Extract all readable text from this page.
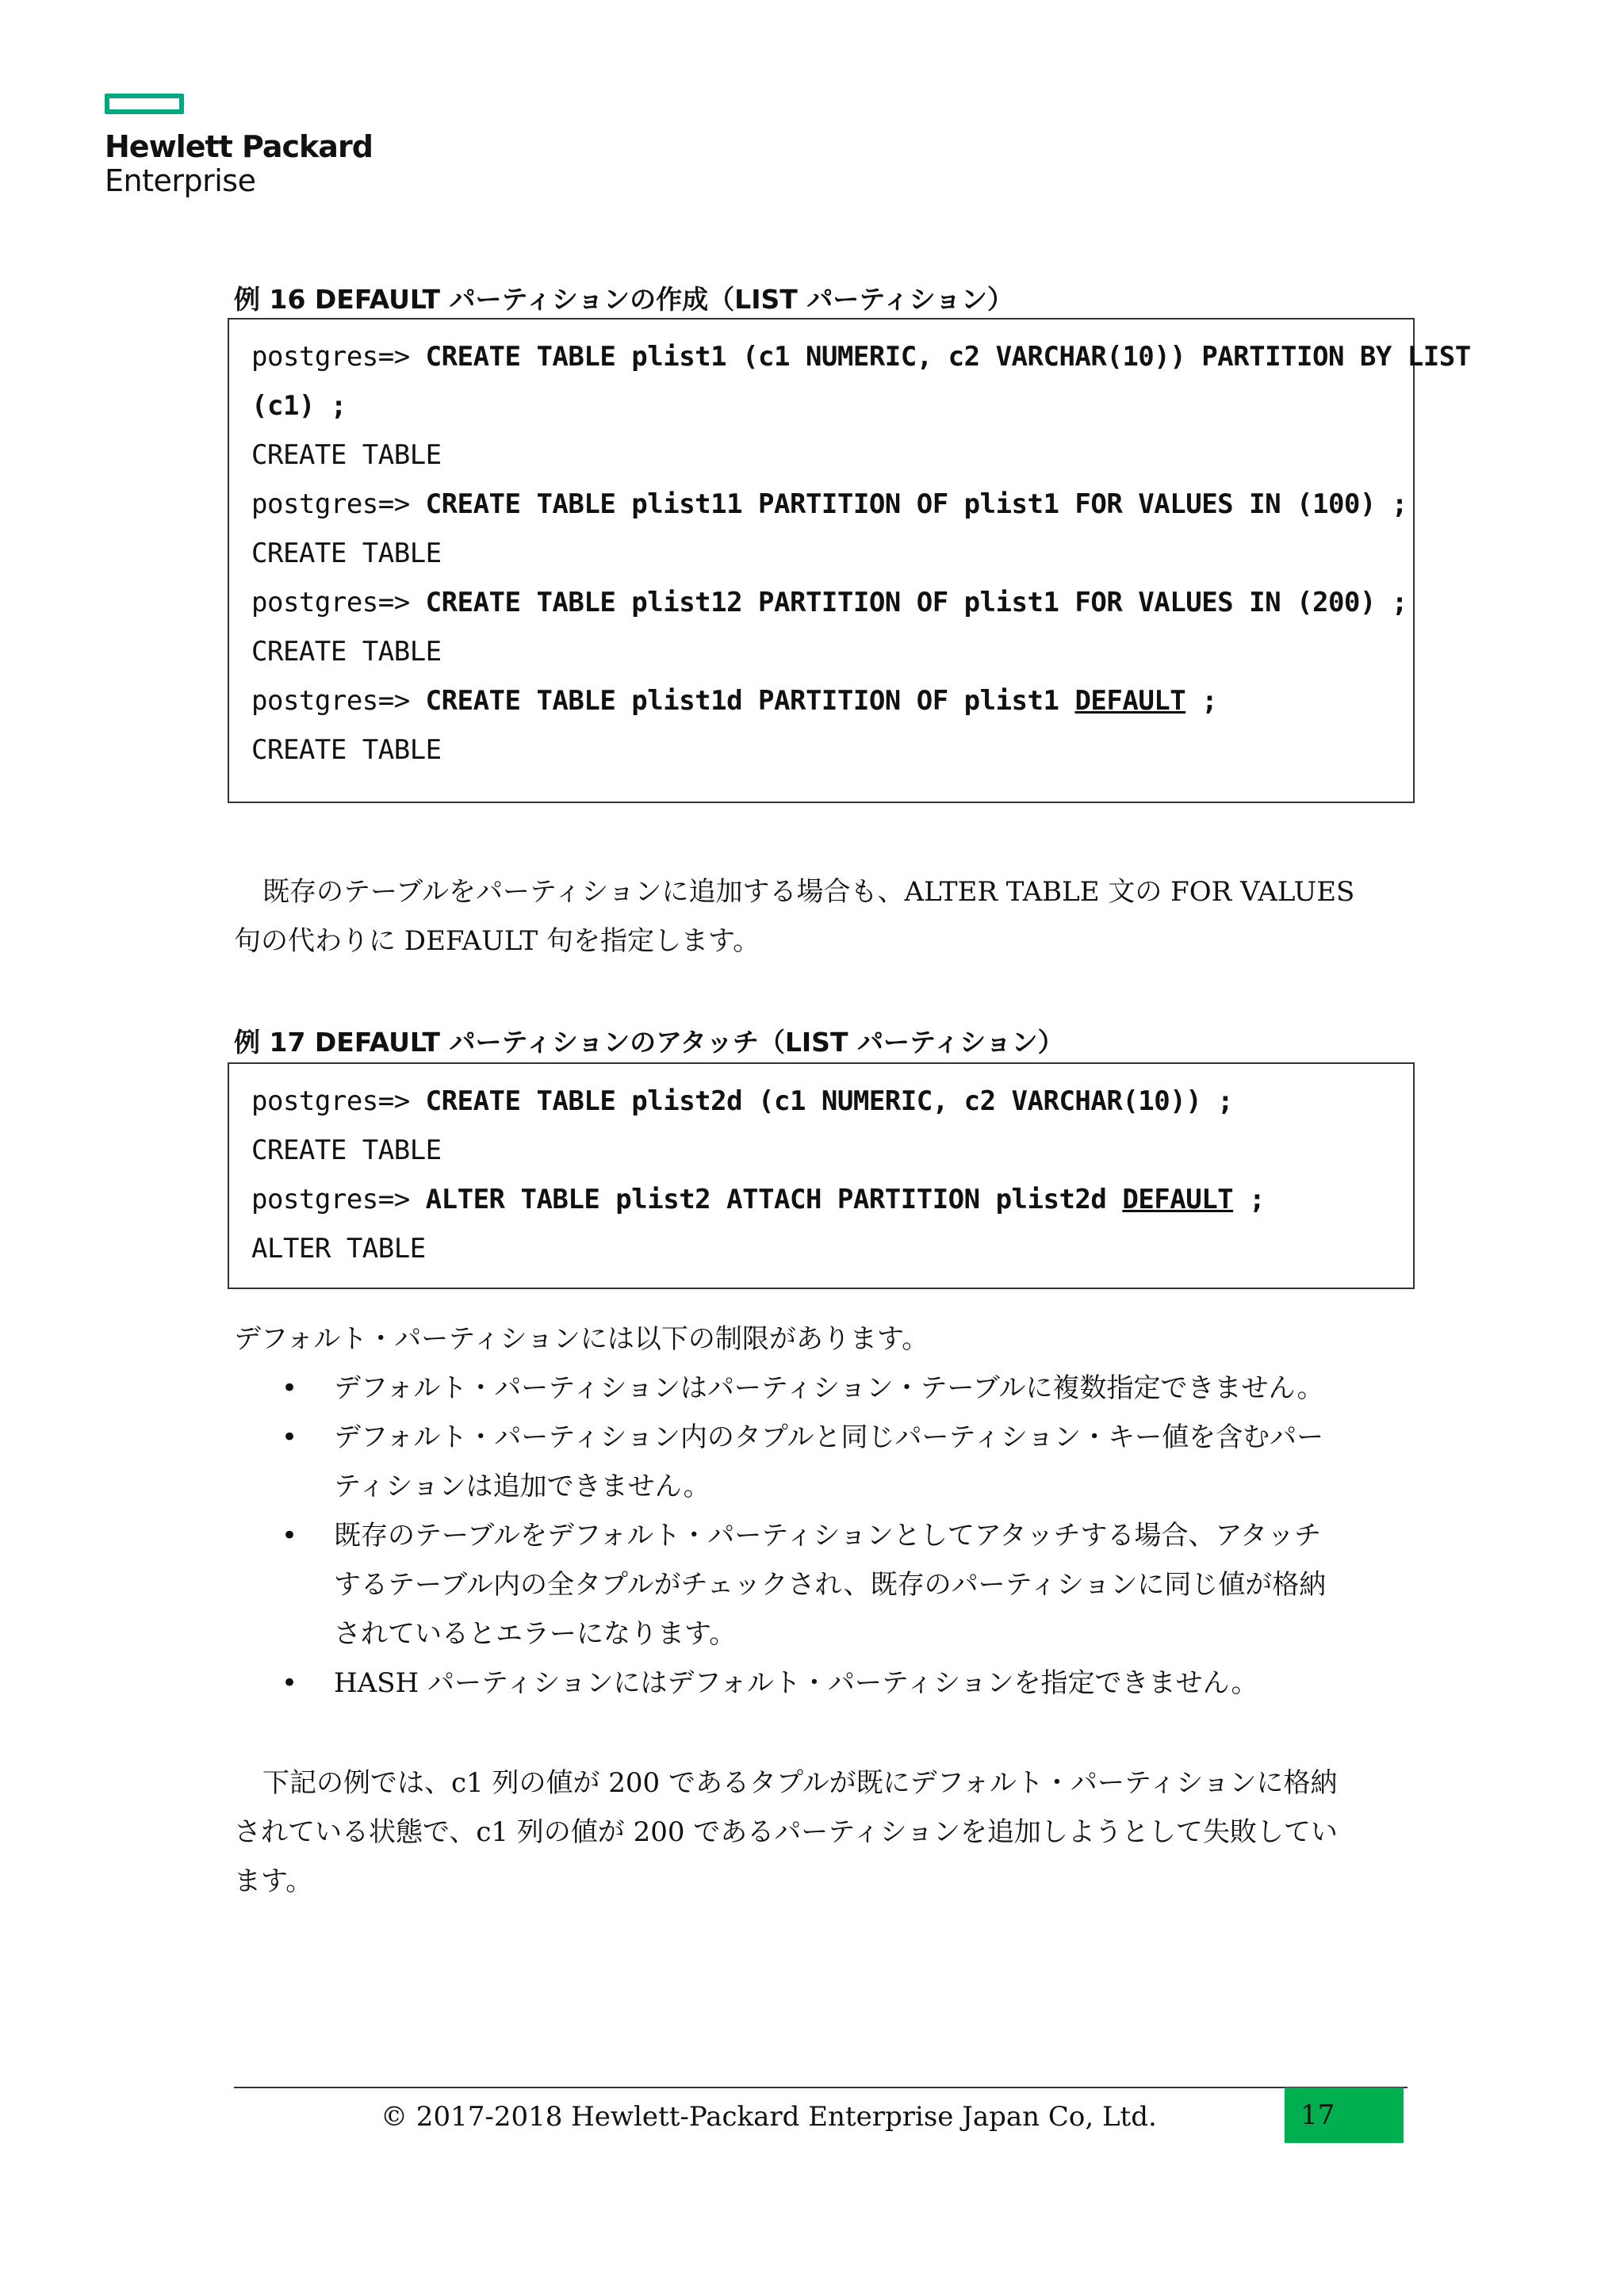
Hewlett Packard
Enterprise
例 16 DEFAULT パーティションの作成（LIST パーティション）
postgres=> CREATE TABLE plist1 (c1 NUMERIC, c2 VARCHAR(10)) PARTITION BY LIST
(c1) ;
CREATE TABLE
postgres=> CREATE TABLE plist11 PARTITION OF plist1 FOR VALUES IN (100) ;
CREATE TABLE
postgres=> CREATE TABLE plist12 PARTITION OF plist1 FOR VALUES IN (200) ;
CREATE TABLE
postgres=> CREATE TABLE plist1d PARTITION OF plist1 DEFAULT ;
CREATE TABLE

既存のテーブルをパーティションに追加する場合も、ALTER TABLE 文の FOR VALUES

句の代わりに DEFAULT 句を指定します。

例 17 DEFAULT パーティションのアタッチ（LIST パーティション）
postgres=> CREATE TABLE plist2d (c1 NUMERIC, c2 VARCHAR(10)) ;
CREATE TABLE
postgres=> ALTER TABLE plist2 ATTACH PARTITION plist2d DEFAULT ;
ALTER TABLE

デフォルト・パーティションには以下の制限があります。

• デフォルト・パーティションはパーティション・テーブルに複数指定できません。
• デフォルト・パーティション内のタプルと同じパーティション・キー値を含むパー
ティションは追加できません。
• 既存のテーブルをデフォルト・パーティションとしてアタッチする場合、アタッチ
するテーブル内の全タプルがチェックされ、既存のパーティションに同じ値が格納
されているとエラーになります。
• HASH パーティションにはデフォルト・パーティションを指定できません。

下記の例では、c1 列の値が 200 であるタプルが既にデフォルト・パーティションに格納

されている状態で、c1 列の値が 200 であるパーティションを追加しようとして失敗してい

ます。

© 2017-2018 Hewlett-Packard Enterprise Japan Co, Ltd.	17
